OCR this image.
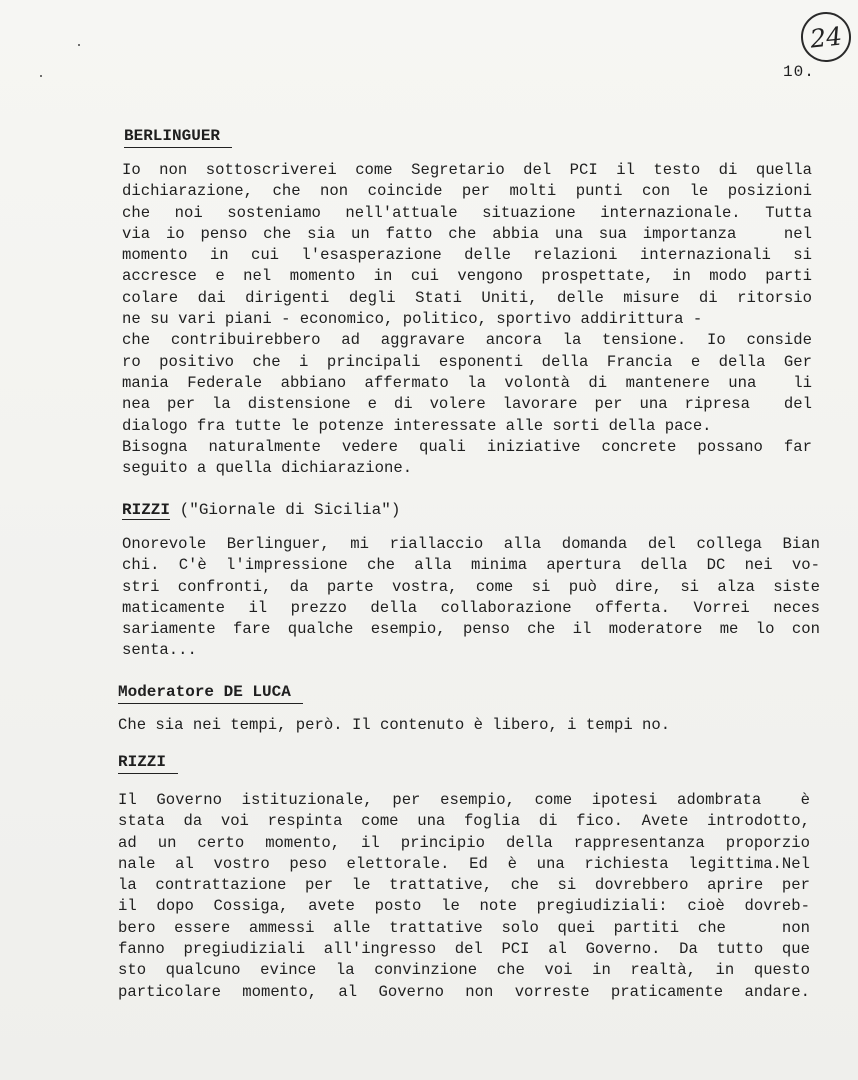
24
10.
BERLINGUER
Io non sottoscriverei come Segretario del PCI il testo di quella
dichiarazione, che non coincide per molti punti con le posizioni
che noi sosteniamo nell'attuale situazione internazionale. Tutta
via io penso che sia un fatto che abbia una sua importanza   nel
momento in cui l'esasperazione delle relazioni internazionali si
accresce e nel momento in cui vengono prospettate, in modo parti
colare dai dirigenti degli Stati Uniti, delle misure di ritorsio
ne su vari piani - economico, politico, sportivo addirittura -
che contribuirebbero ad aggravare ancora la tensione. Io conside
ro positivo che i principali esponenti della Francia e della Ger
mania Federale abbiano affermato la volontà di mantenere una  li
nea per la distensione e di volere lavorare per una ripresa  del
dialogo fra tutte le potenze interessate alle sorti della pace.
Bisogna naturalmente vedere quali iniziative concrete possano far
seguito a quella dichiarazione.
RIZZI ("Giornale di Sicilia")
Onorevole Berlinguer, mi riallaccio alla domanda del collega Bian
chi. C'è l'impressione che alla minima apertura della DC nei vo-
stri confronti, da parte vostra, come si può dire, si alza siste
maticamente il prezzo della collaborazione offerta. Vorrei neces
sariamente fare qualche esempio, penso che il moderatore me lo con
senta...
Moderatore DE LUCA
Che sia nei tempi, però. Il contenuto è libero, i tempi no.
RIZZI
Il Governo istituzionale, per esempio, come ipotesi adombrata  è
stata da voi respinta come una foglia di fico. Avete introdotto,
ad un certo momento, il principio della rappresentanza proporzio
nale al vostro peso elettorale. Ed è una richiesta legittima.Nel
la contrattazione per le trattative, che si dovrebbero aprire per
il dopo Cossiga, avete posto le note pregiudiziali: cioè dovreb-
bero essere ammessi alle trattative solo quei partiti che   non
fanno pregiudiziali all'ingresso del PCI al Governo. Da tutto que
sto qualcuno evince la convinzione che voi in realtà, in questo
particolare momento, al Governo non vorreste praticamente andare.
